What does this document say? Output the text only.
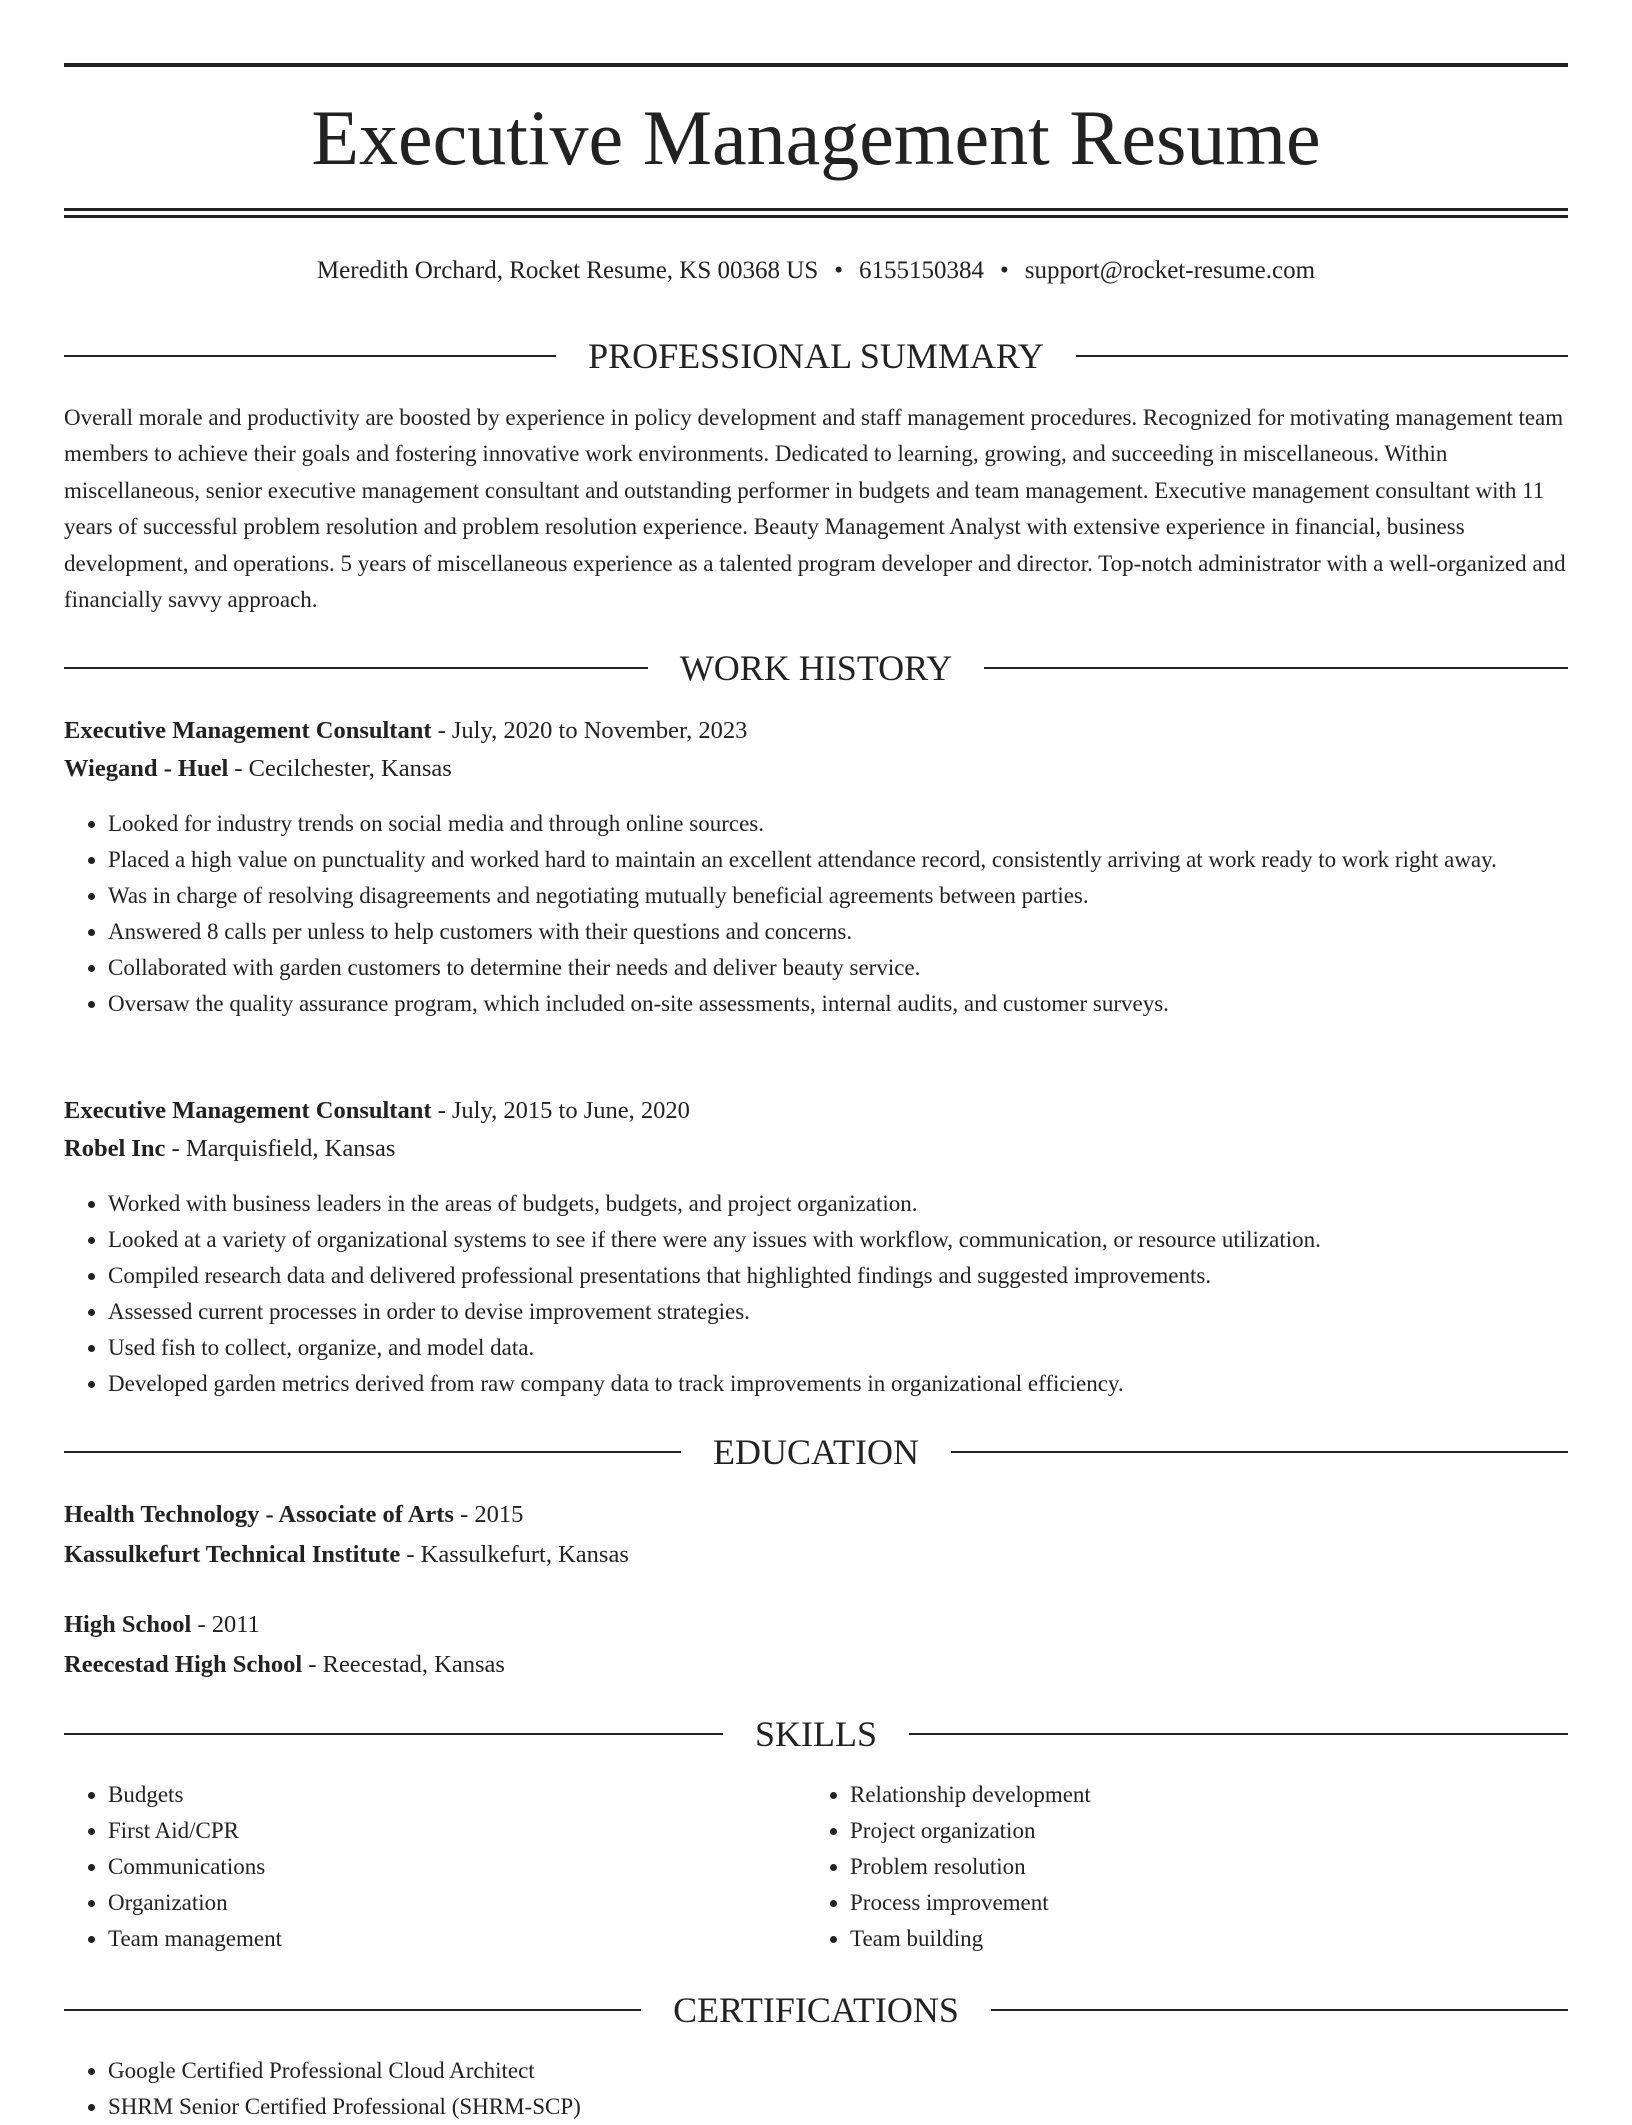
Executive Management Resume
Meredith Orchard, Rocket Resume, KS 00368 US • 6155150384 • support@rocket-resume.com
PROFESSIONAL SUMMARY

Overall morale and productivity are boosted by experience in policy development and staff management procedures. Recognized for motivating management team members to achieve their goals and fostering innovative work environments. Dedicated to learning, growing, and succeeding in miscellaneous. Within miscellaneous, senior executive management consultant and outstanding performer in budgets and team management. Executive management consultant with 11 years of successful problem resolution and problem resolution experience. Beauty Management Analyst with extensive experience in financial, business development, and operations. 5 years of miscellaneous experience as a talented program developer and director. Top-notch administrator with a well-organized and financially savvy approach.

WORK HISTORY
Executive Management Consultant - July, 2020 to November, 2023
Wiegand - Huel - Cecilchester, Kansas
• Looked for industry trends on social media and through online sources.
• Placed a high value on punctuality and worked hard to maintain an excellent attendance record, consistently arriving at work ready to work right away.
• Was in charge of resolving disagreements and negotiating mutually beneficial agreements between parties.
• Answered 8 calls per unless to help customers with their questions and concerns.
• Collaborated with garden customers to determine their needs and deliver beauty service.
• Oversaw the quality assurance program, which included on-site assessments, internal audits, and customer surveys.
Executive Management Consultant - July, 2015 to June, 2020
Robel Inc - Marquisfield, Kansas
• Worked with business leaders in the areas of budgets, budgets, and project organization.
• Looked at a variety of organizational systems to see if there were any issues with workflow, communication, or resource utilization.
• Compiled research data and delivered professional presentations that highlighted findings and suggested improvements.
• Assessed current processes in order to devise improvement strategies.
• Used fish to collect, organize, and model data.
• Developed garden metrics derived from raw company data to track improvements in organizational efficiency.
EDUCATION
Health Technology - Associate of Arts - 2015
Kassulkefurt Technical Institute - Kassulkefurt, Kansas
High School - 2011
Reecestad High School - Reecestad, Kansas
SKILLS
• Budgets
• First Aid/CPR
• Communications
• Organization
• Team management
• Relationship development
• Project organization
• Problem resolution
• Process improvement
• Team building
CERTIFICATIONS
• Google Certified Professional Cloud Architect
• SHRM Senior Certified Professional (SHRM-SCP)
